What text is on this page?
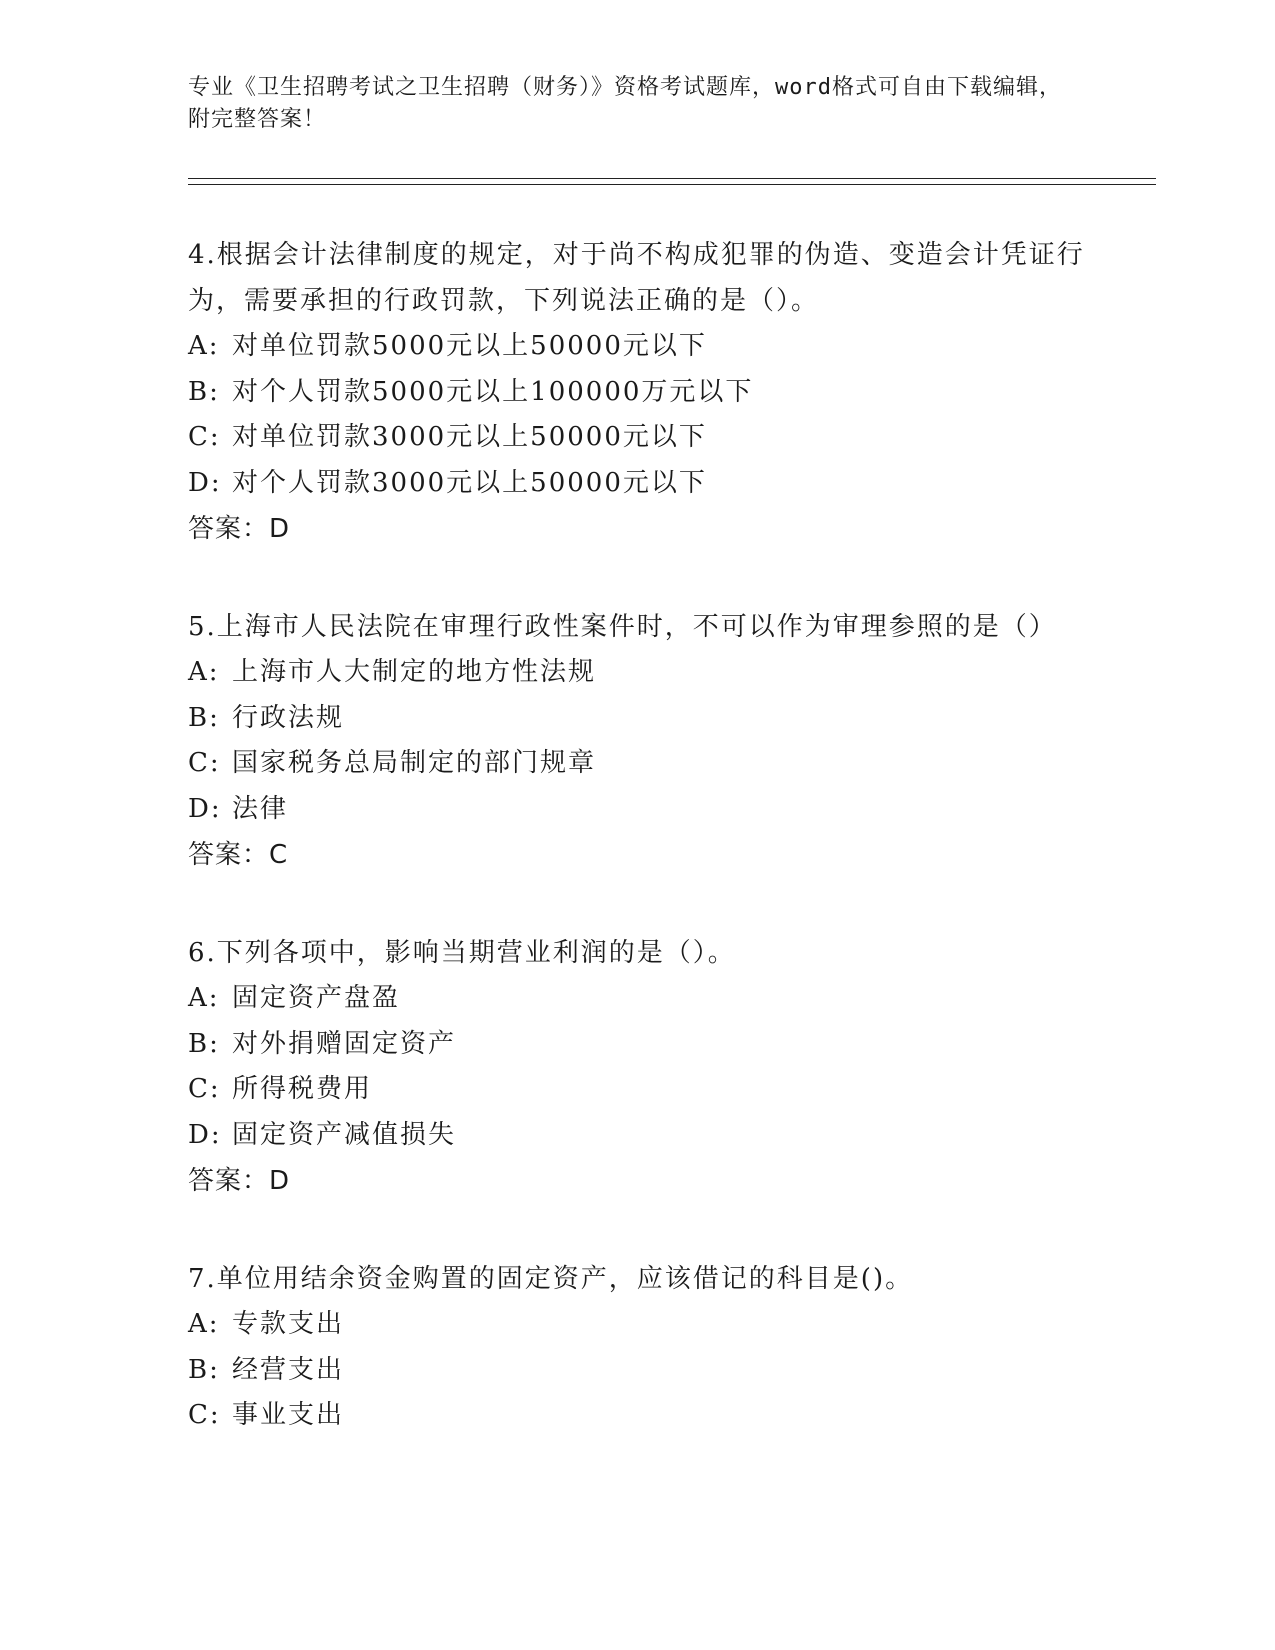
专业《卫生招聘考试之卫生招聘（财务）》资格考试题库，word格式可自由下载编辑，附完整答案！
4.根据会计法律制度的规定，对于尚不构成犯罪的伪造、变造会计凭证行为，需要承担的行政罚款，下列说法正确的是（）。
A: 对单位罚款5000元以上50000元以下
B: 对个人罚款5000元以上100000万元以下
C: 对单位罚款3000元以上50000元以下
D: 对个人罚款3000元以上50000元以下
答案：D
5.上海市人民法院在审理行政性案件时，不可以作为审理参照的是（）
A: 上海市人大制定的地方性法规
B: 行政法规
C: 国家税务总局制定的部门规章
D: 法律
答案：C
6.下列各项中，影响当期营业利润的是（）。
A: 固定资产盘盈
B: 对外捐赠固定资产
C: 所得税费用
D: 固定资产减值损失
答案：D
7.单位用结余资金购置的固定资产，应该借记的科目是()。
A: 专款支出
B: 经营支出
C: 事业支出
